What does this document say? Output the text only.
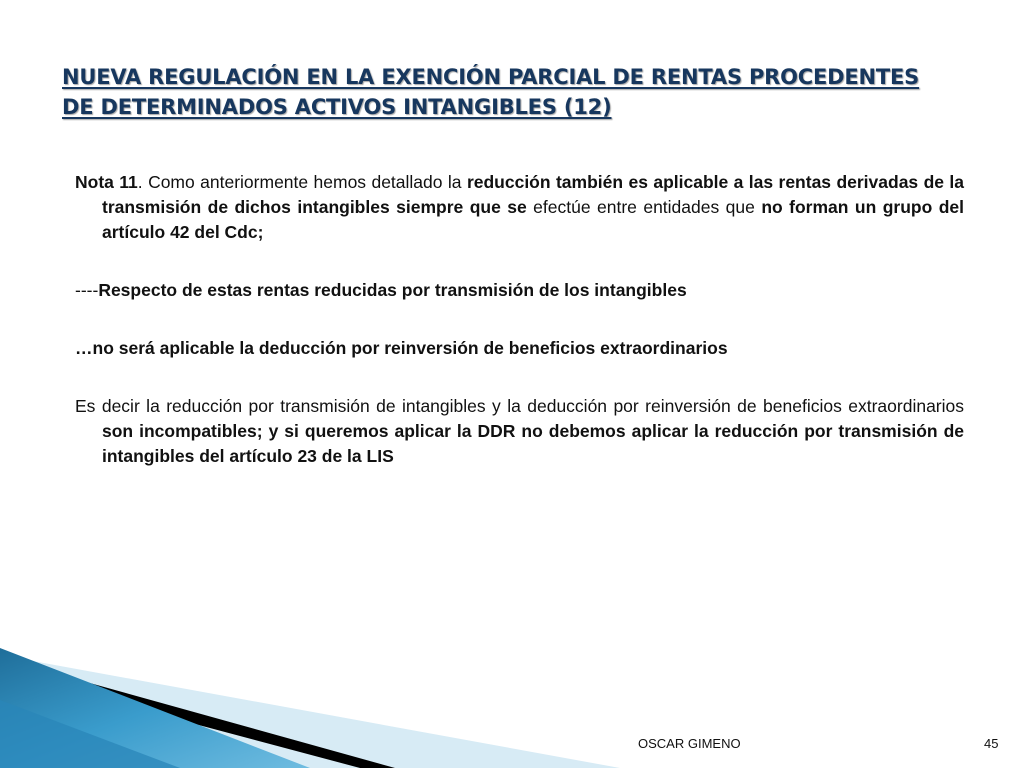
NUEVA REGULACIÓN EN LA EXENCIÓN PARCIAL DE RENTAS PROCEDENTES
DE DETERMINADOS ACTIVOS INTANGIBLES (12)

Nota 11. Como anteriormente hemos detallado la reducción también es aplicable a las rentas derivadas de la transmisión de dichos intangibles siempre que se efectúe entre entidades que no forman un grupo del artículo 42 del Cdc;

----Respecto de estas rentas reducidas por transmisión de los intangibles

…no será aplicable la deducción por reinversión de beneficios extraordinarios

Es decir la reducción por transmisión de intangibles y la deducción por reinversión de beneficios extraordinarios son incompatibles; y si queremos aplicar la DDR no debemos aplicar la reducción por transmisión de intangibles del artículo 23 de la LIS

OSCAR GIMENO	45
